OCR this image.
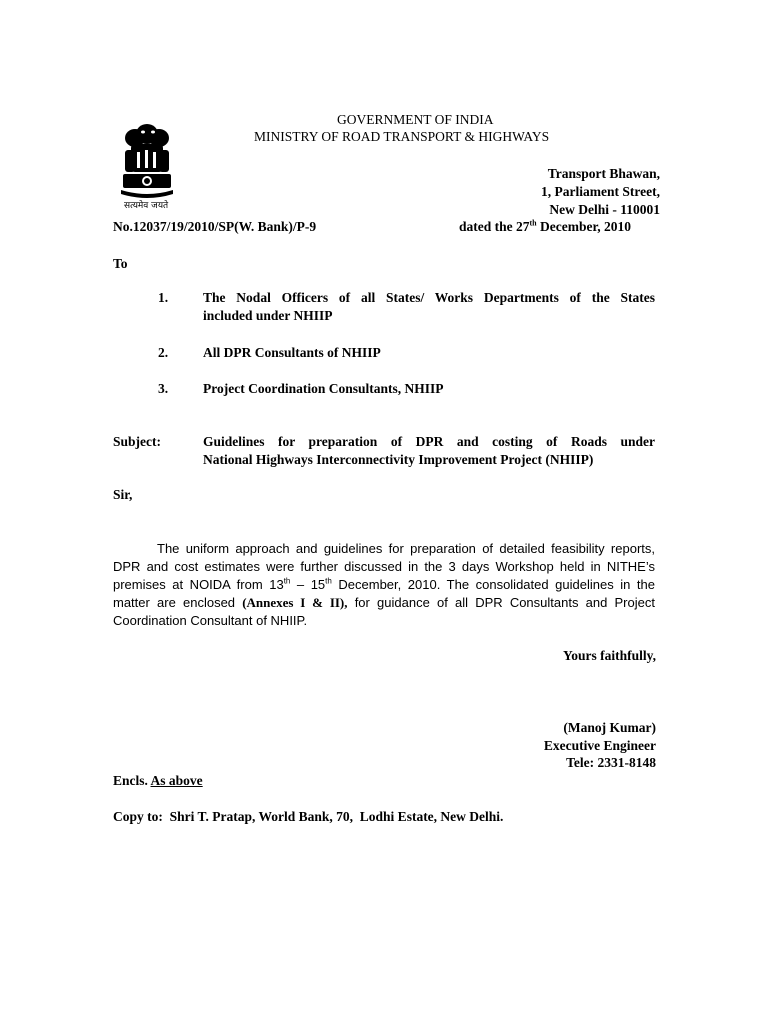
सत्यमेव जयते
GOVERNMENT OF INDIA
MINISTRY OF ROAD TRANSPORT & HIGHWAYS
Transport Bhawan,
1, Parliament Street,
New Delhi - 110001
No.12037/19/2010/SP(W. Bank)/P-9	dated the 27th December, 2010
To
1.	The Nodal Officers of all States/ Works Departments of the States
included under NHIIP
2.	All DPR Consultants of NHIIP
3.	Project Coordination Consultants, NHIIP
Subject:	Guidelines for preparation of DPR and costing of Roads under
National Highways Interconnectivity Improvement Project (NHIIP)
Sir,
The uniform approach and guidelines for preparation of detailed feasibility reports, DPR and cost estimates were further discussed in the 3 days Workshop held in NITHE’s premises at NOIDA from 13th – 15th December, 2010. The consolidated guidelines in the matter are enclosed (Annexes I & II), for guidance of all DPR Consultants and Project Coordination Consultant of NHIIP.
Yours faithfully,
(Manoj Kumar)
Executive Engineer
Tele: 2331-8148
Encls. As above
Copy to:  Shri T. Pratap, World Bank, 70,  Lodhi Estate, New Delhi.
